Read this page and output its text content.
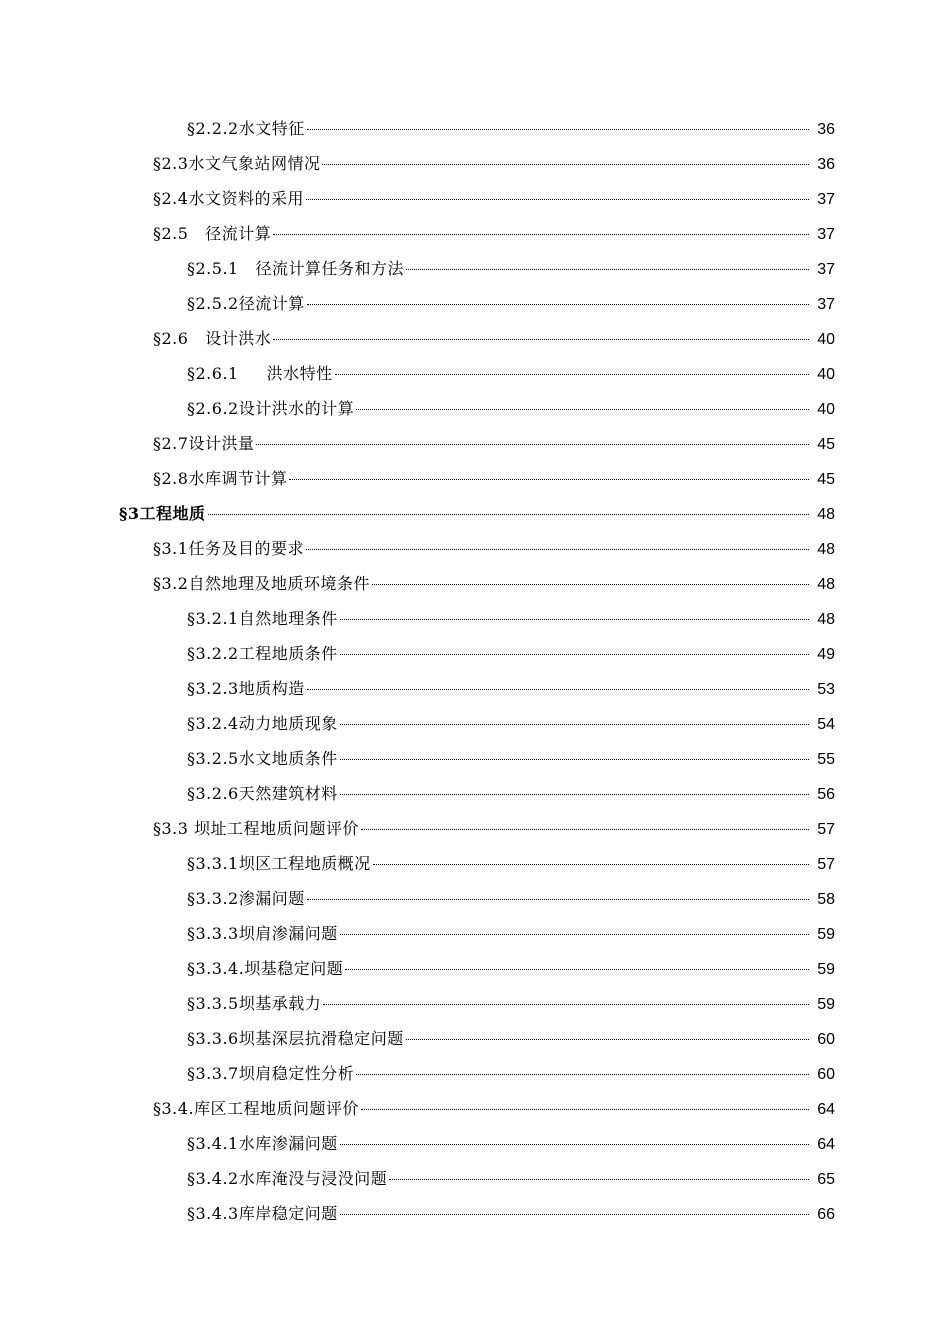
§2.2.2水文特征	36
§2.3水文气象站网情况	36
§2.4水文资料的采用	37
§2.5   径流计算	37
§2.5.1   径流计算任务和方法	37
§2.5.2径流计算	37
§2.6   设计洪水	40
§2.6.1     洪水特性	40
§2.6.2设计洪水的计算	40
§2.7设计洪量	45
§2.8水库调节计算	45
§3工程地质	48
§3.1任务及目的要求	48
§3.2自然地理及地质环境条件	48
§3.2.1自然地理条件	48
§3.2.2工程地质条件	49
§3.2.3地质构造	53
§3.2.4动力地质现象	54
§3.2.5水文地质条件	55
§3.2.6天然建筑材料	56
§3.3 坝址工程地质问题评价	57
§3.3.1坝区工程地质概况	57
§3.3.2渗漏问题	58
§3.3.3坝肩渗漏问题	59
§3.3.4.坝基稳定问题	59
§3.3.5坝基承载力	59
§3.3.6坝基深层抗滑稳定问题	60
§3.3.7坝肩稳定性分析	60
§3.4.库区工程地质问题评价	64
§3.4.1水库渗漏问题	64
§3.4.2水库淹没与浸没问题	65
§3.4.3库岸稳定问题	66
